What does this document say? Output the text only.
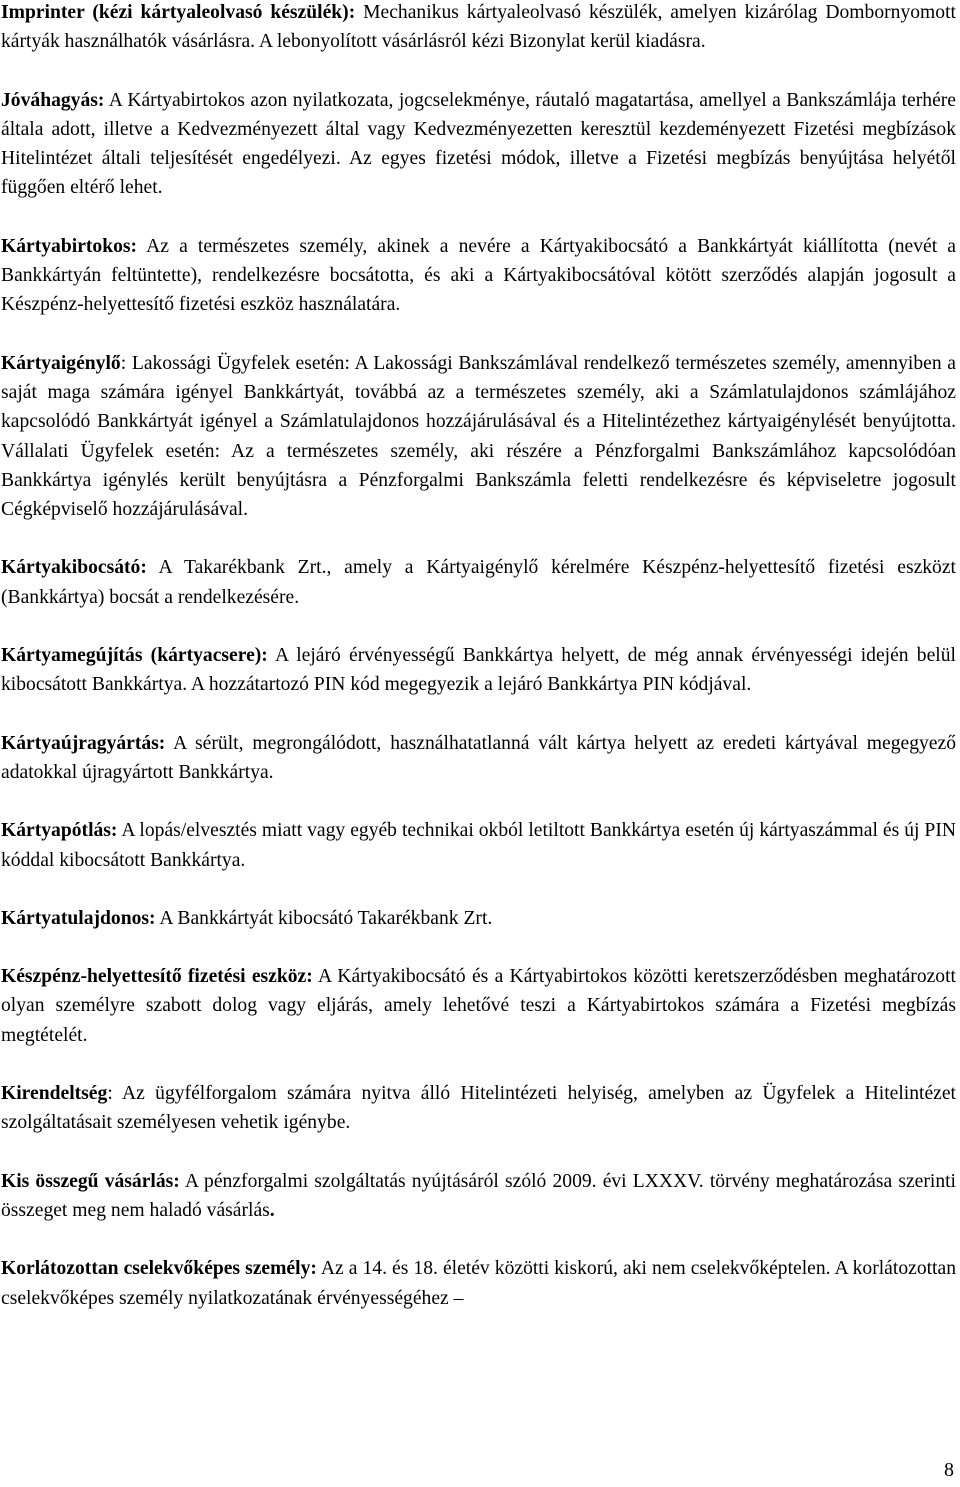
Imprinter (kézi kártyaleolvasó készülék): Mechanikus kártyaleolvasó készülék, amelyen kizárólag Dombornyomott kártyák használhatók vásárlásra. A lebonyolított vásárlásról kézi Bizonylat kerül kiadásra.

Jóváhagyás: A Kártyabirtokos azon nyilatkozata, jogcselekménye, ráutaló magatartása, amellyel a Bankszámlája terhére általa adott, illetve a Kedvezményezett által vagy Kedvezményezetten keresztül kezdeményezett Fizetési megbízások Hitelintézet általi teljesítését engedélyezi. Az egyes fizetési módok, illetve a Fizetési megbízás benyújtása helyétől függően eltérő lehet.

Kártyabirtokos: Az a természetes személy, akinek a nevére a Kártyakibocsátó a Bankkártyát kiállította (nevét a Bankkártyán feltüntette), rendelkezésre bocsátotta, és aki a Kártyakibocsátóval kötött szerződés alapján jogosult a Készpénz-helyettesítő fizetési eszköz használatára.

Kártyaigénylő: Lakossági Ügyfelek esetén: A Lakossági Bankszámlával rendelkező természetes személy, amennyiben a saját maga számára igényel Bankkártyát, továbbá az a természetes személy, aki a Számlatulajdonos számlájához kapcsolódó Bankkártyát igényel a Számlatulajdonos hozzájárulásával és a Hitelintézethez kártyaigénylését benyújtotta. Vállalati Ügyfelek esetén: Az a természetes személy, aki részére a Pénzforgalmi Bankszámlához kapcsolódóan Bankkártya igénylés került benyújtásra a Pénzforgalmi Bankszámla feletti rendelkezésre és képviseletre jogosult Cégképviselő hozzájárulásával.

Kártyakibocsátó: A Takarékbank Zrt., amely a Kártyaigénylő kérelmére Készpénz-helyettesítő fizetési eszközt (Bankkártya) bocsát a rendelkezésére.

Kártyamegújítás (kártyacsere): A lejáró érvényességű Bankkártya helyett, de még annak érvényességi idején belül kibocsátott Bankkártya. A hozzátartozó PIN kód megegyezik a lejáró Bankkártya PIN kódjával.

Kártyaújragyártás: A sérült, megrongálódott, használhatatlanná vált kártya helyett az eredeti kártyával megegyező adatokkal újragyártott Bankkártya.

Kártyapótlás: A lopás/elvesztés miatt vagy egyéb technikai okból letiltott Bankkártya esetén új kártyaszámmal és új PIN kóddal kibocsátott Bankkártya.

Kártyatulajdonos: A Bankkártyát kibocsátó Takarékbank Zrt.

Készpénz-helyettesítő fizetési eszköz: A Kártyakibocsátó és a Kártyabirtokos közötti keretszerződésben meghatározott olyan személyre szabott dolog vagy eljárás, amely lehetővé teszi a Kártyabirtokos számára a Fizetési megbízás megtételét.

Kirendeltség: Az ügyfélforgalom számára nyitva álló Hitelintézeti helyiség, amelyben az Ügyfelek a Hitelintézet szolgáltatásait személyesen vehetik igénybe.

Kis összegű vásárlás: A pénzforgalmi szolgáltatás nyújtásáról szóló 2009. évi LXXXV. törvény meghatározása szerinti összeget meg nem haladó vásárlás.

Korlátozottan cselekvőképes személy: Az a 14. és 18. életév közötti kiskorú, aki nem cselekvőképtelen. A korlátozottan cselekvőképes személy nyilatkozatának érvényességéhez –

8
